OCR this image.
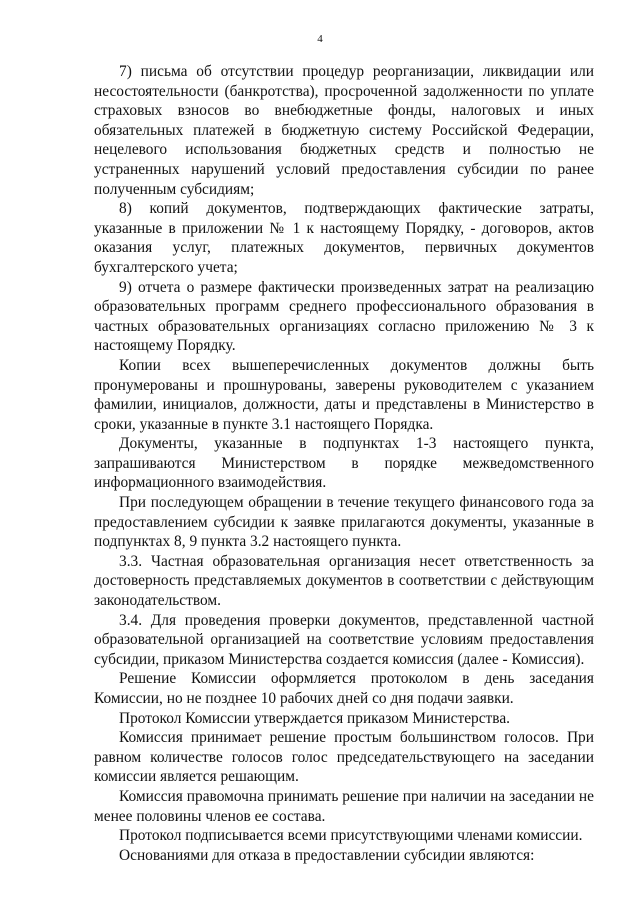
4

7) письма об отсутствии процедур реорганизации, ликвидации или несостоятельности (банкротства), просроченной задолженности по уплате страховых взносов во внебюджетные фонды, налоговых и иных обязательных платежей в бюджетную систему Российской Федерации, нецелевого использования бюджетных средств и полностью не устраненных нарушений условий предоставления субсидии по ранее полученным субсидиям;

8) копий документов, подтверждающих фактические затраты, указанные в приложении № 1 к настоящему Порядку, - договоров, актов оказания услуг, платежных документов, первичных документов бухгалтерского учета;

9) отчета о размере фактически произведенных затрат на реализацию образовательных программ среднего профессионального образования в частных образовательных организациях согласно приложению № 3 к настоящему Порядку.

Копии всех вышеперечисленных документов должны быть пронумерованы и прошнурованы, заверены руководителем с указанием фамилии, инициалов, должности, даты и представлены в Министерство в сроки, указанные в пункте 3.1 настоящего Порядка.

Документы, указанные в подпунктах 1-3 настоящего пункта, запрашиваются Министерством в порядке межведомственного информационного взаимодействия.

При последующем обращении в течение текущего финансового года за предоставлением субсидии к заявке прилагаются документы, указанные в подпунктах 8, 9 пункта 3.2 настоящего пункта.

3.3. Частная образовательная организация несет ответственность за достоверность представляемых документов в соответствии с действующим законодательством.

3.4. Для проведения проверки документов, представленной частной образовательной организацией на соответствие условиям предоставления субсидии, приказом Министерства создается комиссия (далее - Комиссия).

Решение Комиссии оформляется протоколом в день заседания Комиссии, но не позднее 10 рабочих дней со дня подачи заявки.

Протокол Комиссии утверждается приказом Министерства.

Комиссия принимает решение простым большинством голосов. При равном количестве голосов голос председательствующего на заседании комиссии является решающим.

Комиссия правомочна принимать решение при наличии на заседании не менее половины членов ее состава.

Протокол подписывается всеми присутствующими членами комиссии.

Основаниями для отказа в предоставлении субсидии являются:
